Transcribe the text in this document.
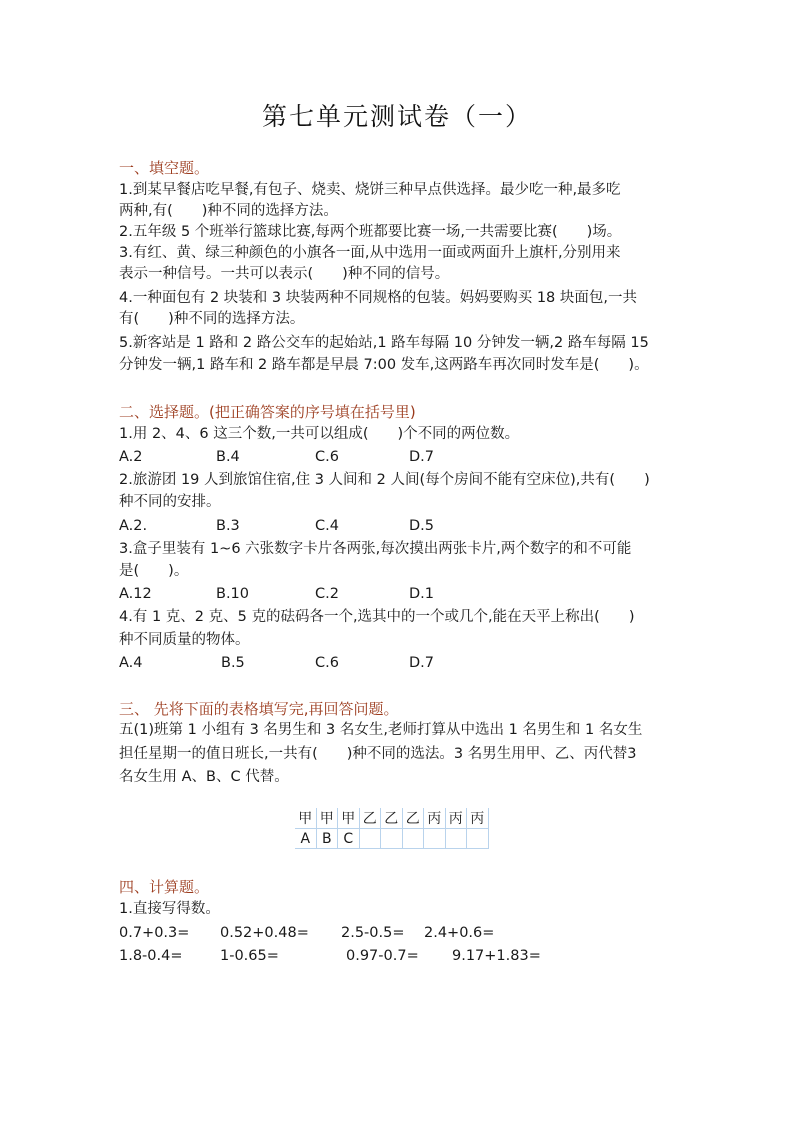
第七单元测试卷（一）
一、填空题。
1.到某早餐店吃早餐,有包子、烧卖、烧饼三种早点供选择。最少吃一种,最多吃
两种,有(　　)种不同的选择方法。
2.五年级 5 个班举行篮球比赛,每两个班都要比赛一场,一共需要比赛(　　)场。
3.有红、黄、绿三种颜色的小旗各一面,从中选用一面或两面升上旗杆,分别用来
表示一种信号。一共可以表示(　　)种不同的信号。
4.一种面包有 2 块装和 3 块装两种不同规格的包装。妈妈要购买 18 块面包,一共
有(　　)种不同的选择方法。
5.新客站是 1 路和 2 路公交车的起始站,1 路车每隔 10 分钟发一辆,2 路车每隔 15
分钟发一辆,1 路车和 2 路车都是早晨 7:00 发车,这两路车再次同时发车是(　　)。
二、选择题。(把正确答案的序号填在括号里)
1.用 2、4、6 这三个数,一共可以组成(　　)个不同的两位数。
A.2	B.4	C.6	D.7
2.旅游团 19 人到旅馆住宿,住 3 人间和 2 人间(每个房间不能有空床位),共有(　　)
种不同的安排。
A.2.	B.3	C.4	D.5
3.盒子里装有 1~6 六张数字卡片各两张,每次摸出两张卡片,两个数字的和不可能
是(　　)。
A.12	B.10	C.2	D.1
4.有 1 克、2 克、5 克的砝码各一个,选其中的一个或几个,能在天平上称出(　　)
种不同质量的物体。
A.4	B.5	C.6	D.7
三、 先将下面的表格填写完,再回答问题。
五(1)班第 1 小组有 3 名男生和 3 名女生,老师打算从中选出 1 名男生和 1 名女生
担任星期一的值日班长,一共有(　　)种不同的选法。3 名男生用甲、乙、丙代替3
名女生用 A、B、C 代替。
甲	甲	甲	乙	乙	乙	丙	丙	丙
A	B	C						
四、计算题。
1.直接写得数。
0.7+0.3= 0.52+0.48= 2.5-0.5= 2.4+0.6=
1.8-0.4=	1-0.65=	0.97-0.7= 9.17+1.83=
